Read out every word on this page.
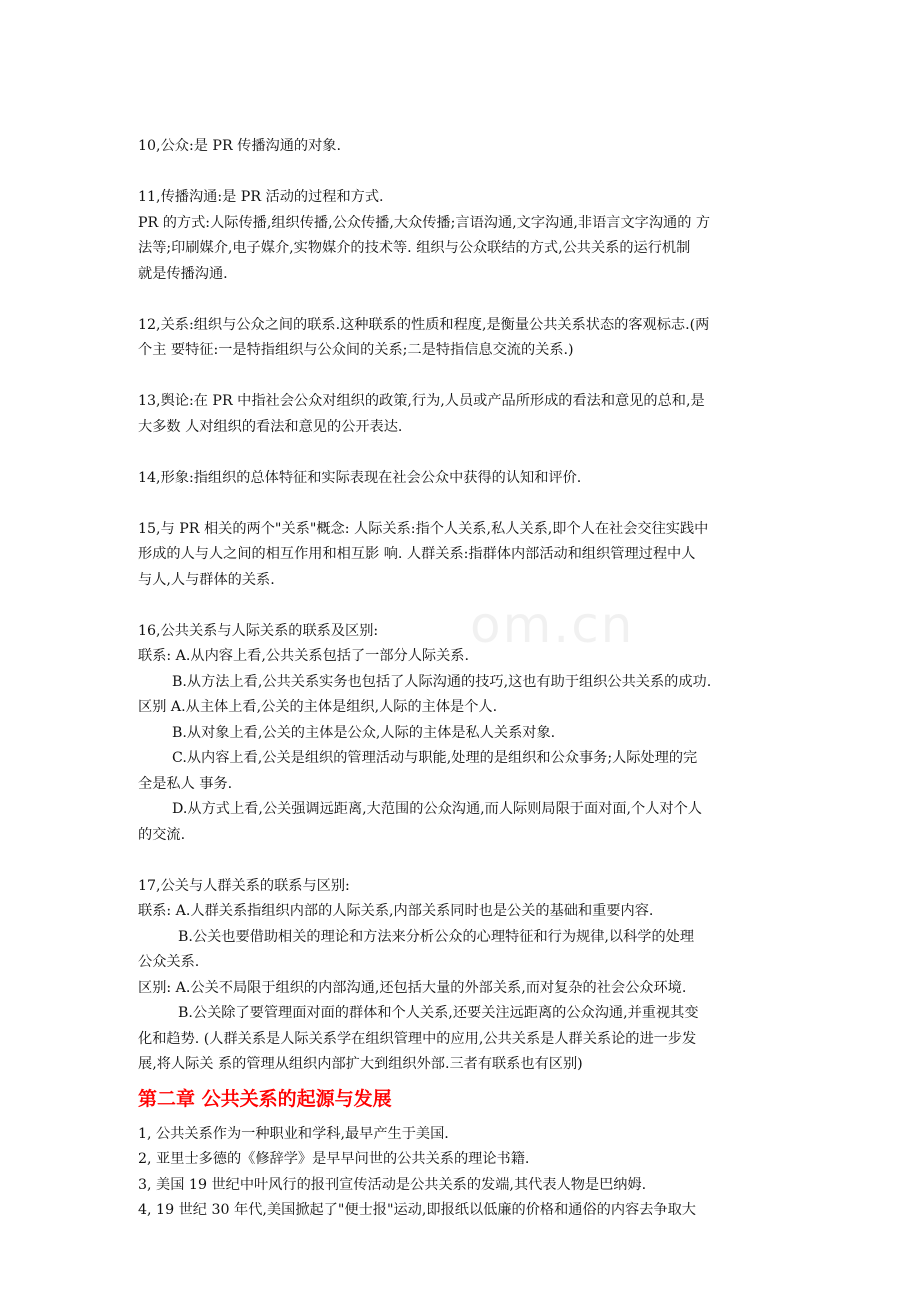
om.cn

10,公众:是 PR 传播沟通的对象.

11,传播沟通:是 PR 活动的过程和方式.
PR 的方式:人际传播,组织传播,公众传播,大众传播;言语沟通,文字沟通,非语言文字沟通的 方
法等;印刷媒介,电子媒介,实物媒介的技术等. 组织与公众联结的方式,公共关系的运行机制
就是传播沟通.

12,关系:组织与公众之间的联系.这种联系的性质和程度,是衡量公共关系状态的客观标志.(两
个主 要特征:一是特指组织与公众间的关系;二是特指信息交流的关系.)

13,舆论:在 PR 中指社会公众对组织的政策,行为,人员或产品所形成的看法和意见的总和,是
大多数 人对组织的看法和意见的公开表达.

14,形象:指组织的总体特征和实际表现在社会公众中获得的认知和评价.

15,与 PR 相关的两个"关系"概念: 人际关系:指个人关系,私人关系,即个人在社会交往实践中
形成的人与人之间的相互作用和相互影 响. 人群关系:指群体内部活动和组织管理过程中人
与人,人与群体的关系.

16,公共关系与人际关系的联系及区别:
联系: A.从内容上看,公共关系包括了一部分人际关系.
B.从方法上看,公共关系实务也包括了人际沟通的技巧,这也有助于组织公共关系的成功.
区别 A.从主体上看,公关的主体是组织,人际的主体是个人.
B.从对象上看,公关的主体是公众,人际的主体是私人关系对象.
C.从内容上看,公关是组织的管理活动与职能,处理的是组织和公众事务;人际处理的完
全是私人 事务.
D.从方式上看,公关强调远距离,大范围的公众沟通,而人际则局限于面对面,个人对个人
的交流.

17,公关与人群关系的联系与区别:
联系: A.人群关系指组织内部的人际关系,内部关系同时也是公关的基础和重要内容.
B.公关也要借助相关的理论和方法来分析公众的心理特征和行为规律,以科学的处理
公众关系.
区别: A.公关不局限于组织的内部沟通,还包括大量的外部关系,而对复杂的社会公众环境.
B.公关除了要管理面对面的群体和个人关系,还要关注远距离的公众沟通,并重视其变
化和趋势. (人群关系是人际关系学在组织管理中的应用,公共关系是人群关系论的进一步发
展,将人际关 系的管理从组织内部扩大到组织外部.三者有联系也有区别)

第二章 公共关系的起源与发展
1, 公共关系作为一种职业和学科,最早产生于美国.
2, 亚里士多德的《修辞学》是早早问世的公共关系的理论书籍.
3, 美国 19 世纪中叶风行的报刊宣传活动是公共关系的发端,其代表人物是巴纳姆.
4, 19 世纪 30 年代,美国掀起了"便士报"运动,即报纸以低廉的价格和通俗的内容去争取大
